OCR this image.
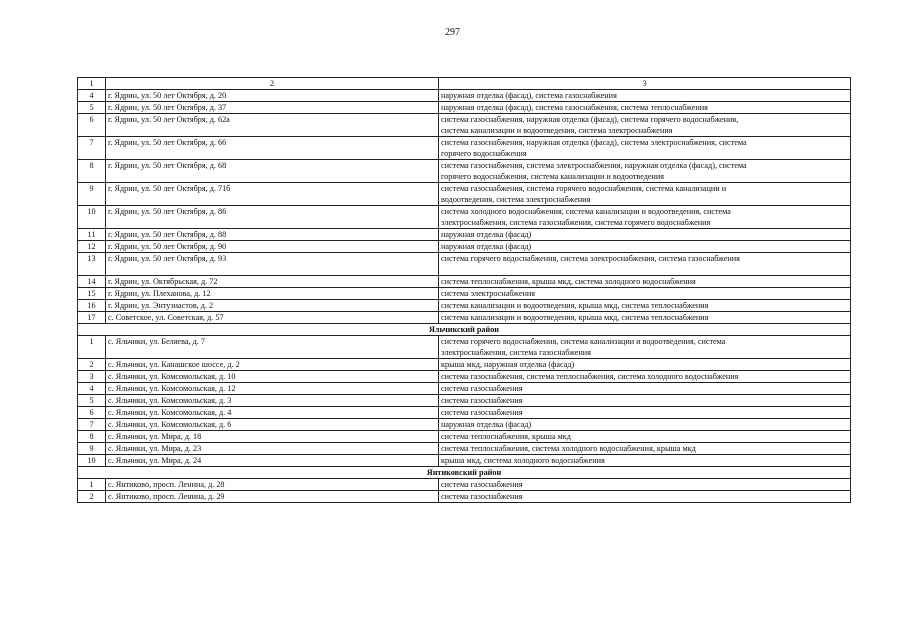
297
1	2	3
4	г. Ядрин, ул. 50 лет Октября, д. 20	наружная отделка (фасад), система газоснабжения

5	г. Ядрин, ул. 50 лет Октября, д. 37	наружная отделка (фасад), система газоснабжения, система теплоснабжения

6	г. Ядрин, ул. 50 лет Октября, д. 62а	система газоснабжения, наружная отделка (фасад), система горячего водоснабжения,
система канализации и водоотведения, система электроснабжения

7	г. Ядрин, ул. 50 лет Октября, д. 66	система газоснабжения, наружная отделка (фасад), система электроснабжения, система
горячего водоснабжения

8	г. Ядрин, ул. 50 лет Октября, д. 68	система газоснабжения, система электроснабжения, наружная отделка (фасад), система
горячего водоснабжения, система канализации и водоотведения

9	г. Ядрин, ул. 50 лет Октября, д. 71б	система газоснабжения, система горячего водоснабжения, система канализации и
водоотведения, система электроснабжения

10	г. Ядрин, ул. 50 лет Октября, д. 86	система холодного водоснабжения, система канализации и водоотведения, система
электроснабжения, система газоснабжения, система горячего водоснабжения

11	г. Ядрин, ул. 50 лет Октября, д. 88	наружная отделка (фасад)

12	г. Ядрин, ул. 50 лет Октября, д. 90	наружная отделка (фасад)

13	г. Ядрин, ул. 50 лет Октября, д. 93	система горячего водоснабжения, система электроснабжения, система газоснабжения

14	г. Ядрин, ул. Октябрьская, д. 72	система теплоснабжения, крыша мкд, система холодного водоснабжения

15	г. Ядрин, ул. Плеханова, д. 12	система электроснабжения

16	г. Ядрин, ул. Энтузиастов, д. 2	система канализации и водоотведения, крыша мкд, система теплоснабжения

17	с. Советское, ул. Советская, д. 57	система канализации и водоотведения, крыша мкд, система теплоснабжения

Яльчикский район		
1	с. Яльчики, ул. Беляева, д. 7	система горячего водоснабжения, система канализации и водоотведения, система
электроснабжения, система газоснабжения

2	с. Яльчики, ул. Канашское шоссе, д. 2	крыша мкд, наружная отделка (фасад)

3	с. Яльчики, ул. Комсомольская, д. 10	система газоснабжения, система теплоснабжения, система холодного водоснабжения

4	с. Яльчики, ул. Комсомольская, д. 12	система газоснабжения

5	с. Яльчики, ул. Комсомольская, д. 3	система газоснабжения

6	с. Яльчики, ул. Комсомольская, д. 4	система газоснабжения

7	с. Яльчики, ул. Комсомольская, д. 6	наружная отделка (фасад)

8	с. Яльчики, ул. Мира, д. 18	система теплоснабжения, крыша мкд

9	с. Яльчики, ул. Мира, д. 23	система теплоснабжения, система холодного водоснабжения, крыша мкд

10	с. Яльчики, ул. Мира, д. 24	крыша мкд, система холодного водоснабжения

Янтиковский район		
1	с. Янтиково, просп. Ленина, д. 28	система газоснабжения

2	с. Янтиково, просп. Ленина, д. 29	система газоснабжения
